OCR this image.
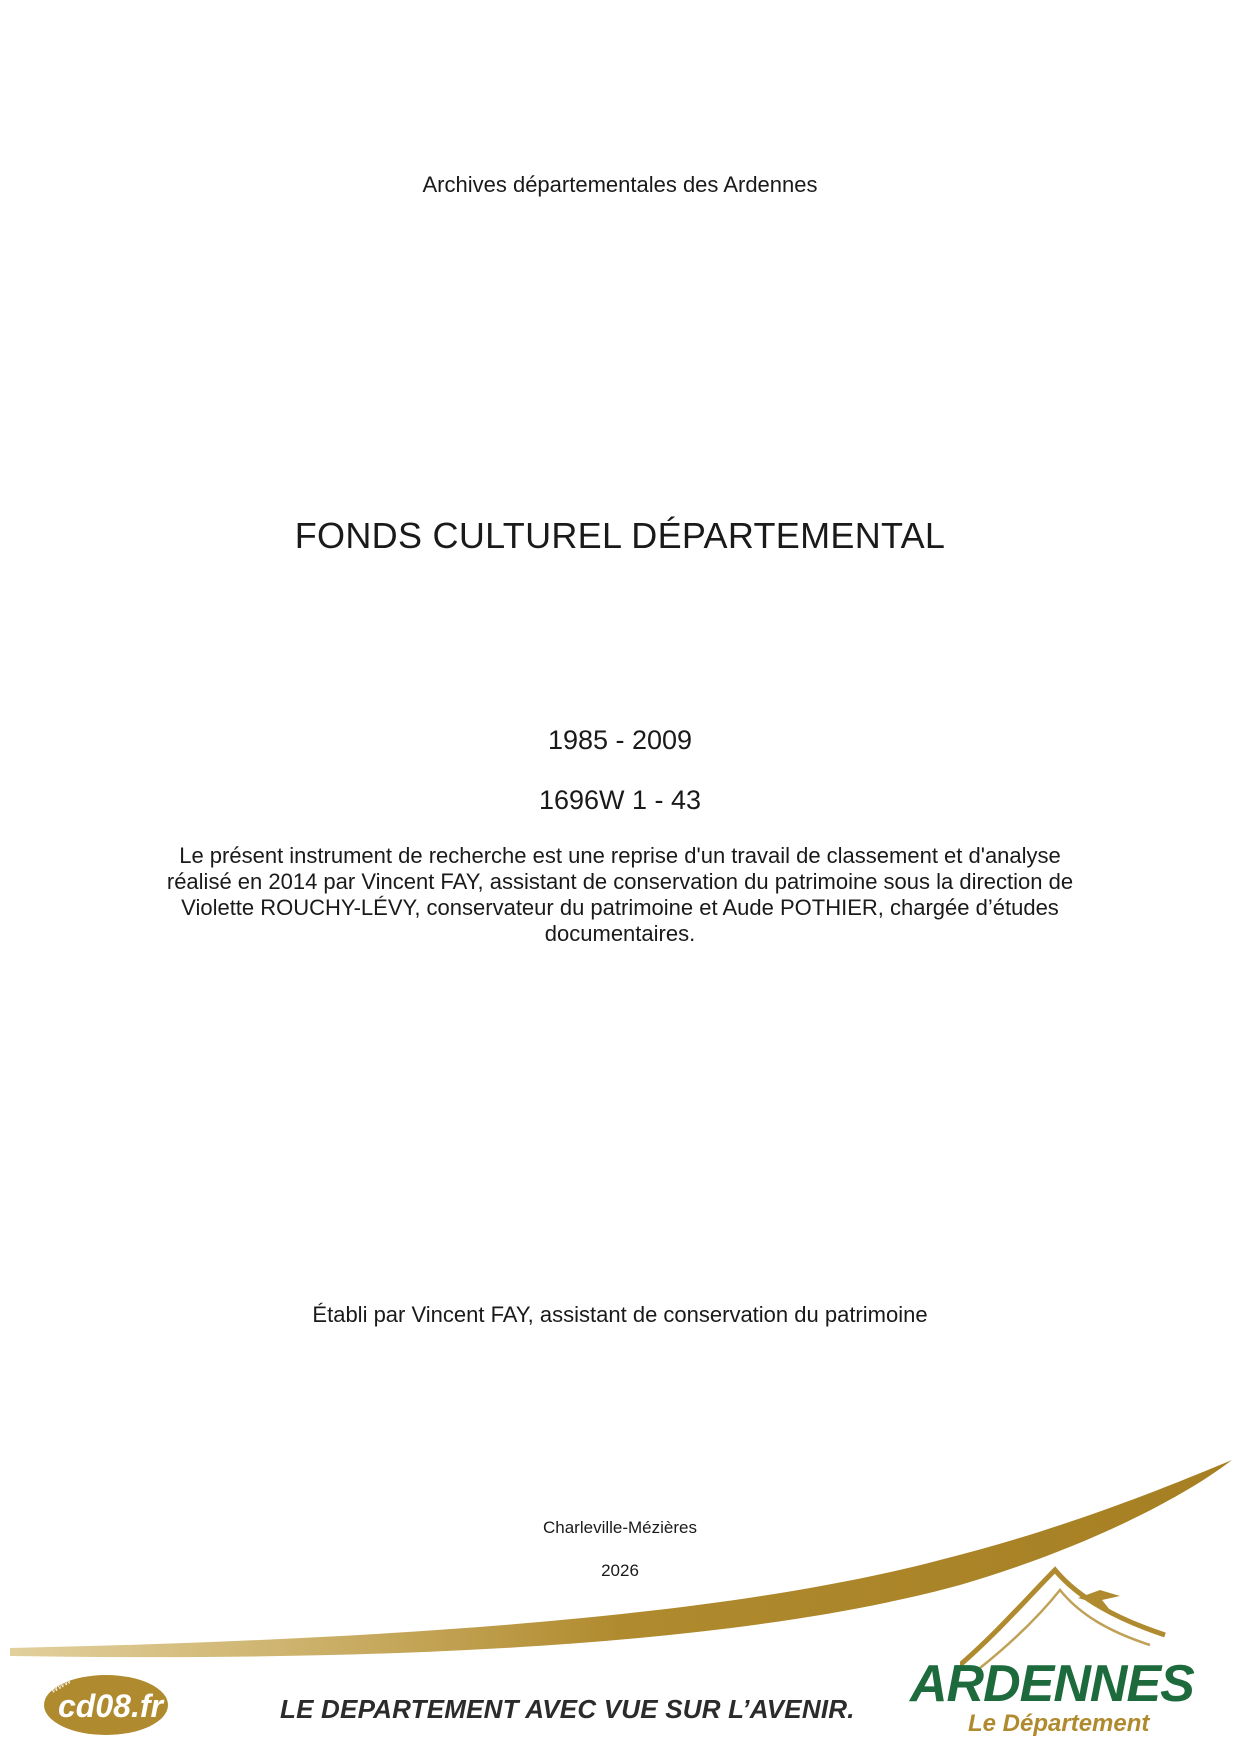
Archives départementales des Ardennes
FONDS CULTUREL DÉPARTEMENTAL
1985 - 2009
1696W 1 - 43
Le présent instrument de recherche est une reprise d'un travail de classement et d'analyse réalisé en 2014 par Vincent FAY, assistant de conservation du patrimoine sous la direction de Violette ROUCHY-LÉVY, conservateur du patrimoine et Aude POTHIER, chargée d’études documentaires.
Établi par Vincent FAY, assistant de conservation du patrimoine
Charleville-Mézières
2026
www
cd08.fr	LE DEPARTEMENT AVEC VUE SUR L’AVENIR.	ARDENNES
Le Département
